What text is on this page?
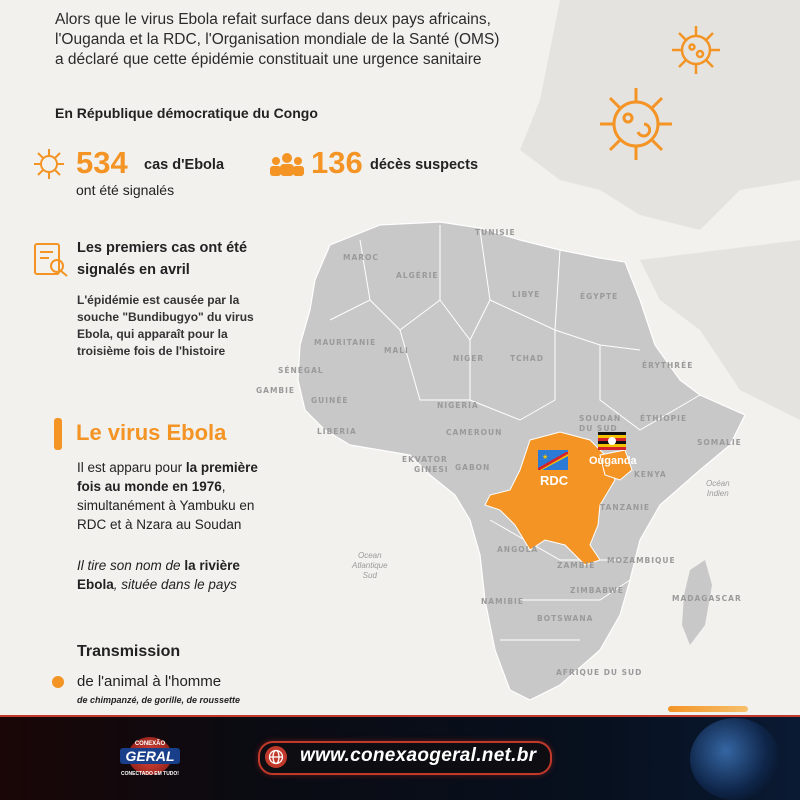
★
TUNISIE
MAROC
ALGÉRIE
LIBYE	ÉGYPTE
MAURITANIE
MALI
NIGER	TCHAD
ÉRYTHRÉE
SÉNÉGAL
GAMBIE
GUINÉE
NIGERIA
SOUDAN
DU SUD
ÉTHIOPIE
LIBERIA	CAMEROUN
SOMALIE
EKVATOR
GINESI GABON
KENYA
TANZANIE
ANGOLA
ZAMBIE
MOZAMBIQUE
ZIMBABWE
NAMIBIE	MADAGASCAR
BOTSWANA
AFRIQUE DU SUD
RDC
Ouganda
Océan
Indien
Ocean
Atlantique
Sud
Alors que le virus Ebola refait surface dans deux pays africains,
l'Ouganda et la RDC, l'Organisation mondiale de la Santé (OMS)
a déclaré que cette épidémie constituait une urgence sanitaire
En République démocratique du Congo
534 cas d'Ebola
ont été signalés
136 décès suspects
Les premiers cas ont été
signalés en avril
L'épidémie est causée par la
souche "Bundibugyo" du virus
Ebola, qui apparaît pour la
troisième fois de l'histoire
Le virus Ebola
Il est apparu pour la première
fois au monde en 1976,
simultanément à Yambuku en
RDC et à Nzara au Soudan
Il tire son nom de la rivière
Ebola, située dans le pays
Transmission
de l'animal à l'homme
de chimpanzé, de gorille, de roussette
CONEXÃO
GERAL
CONECTADO EM TUDO!
www.conexaogeral.net.br
